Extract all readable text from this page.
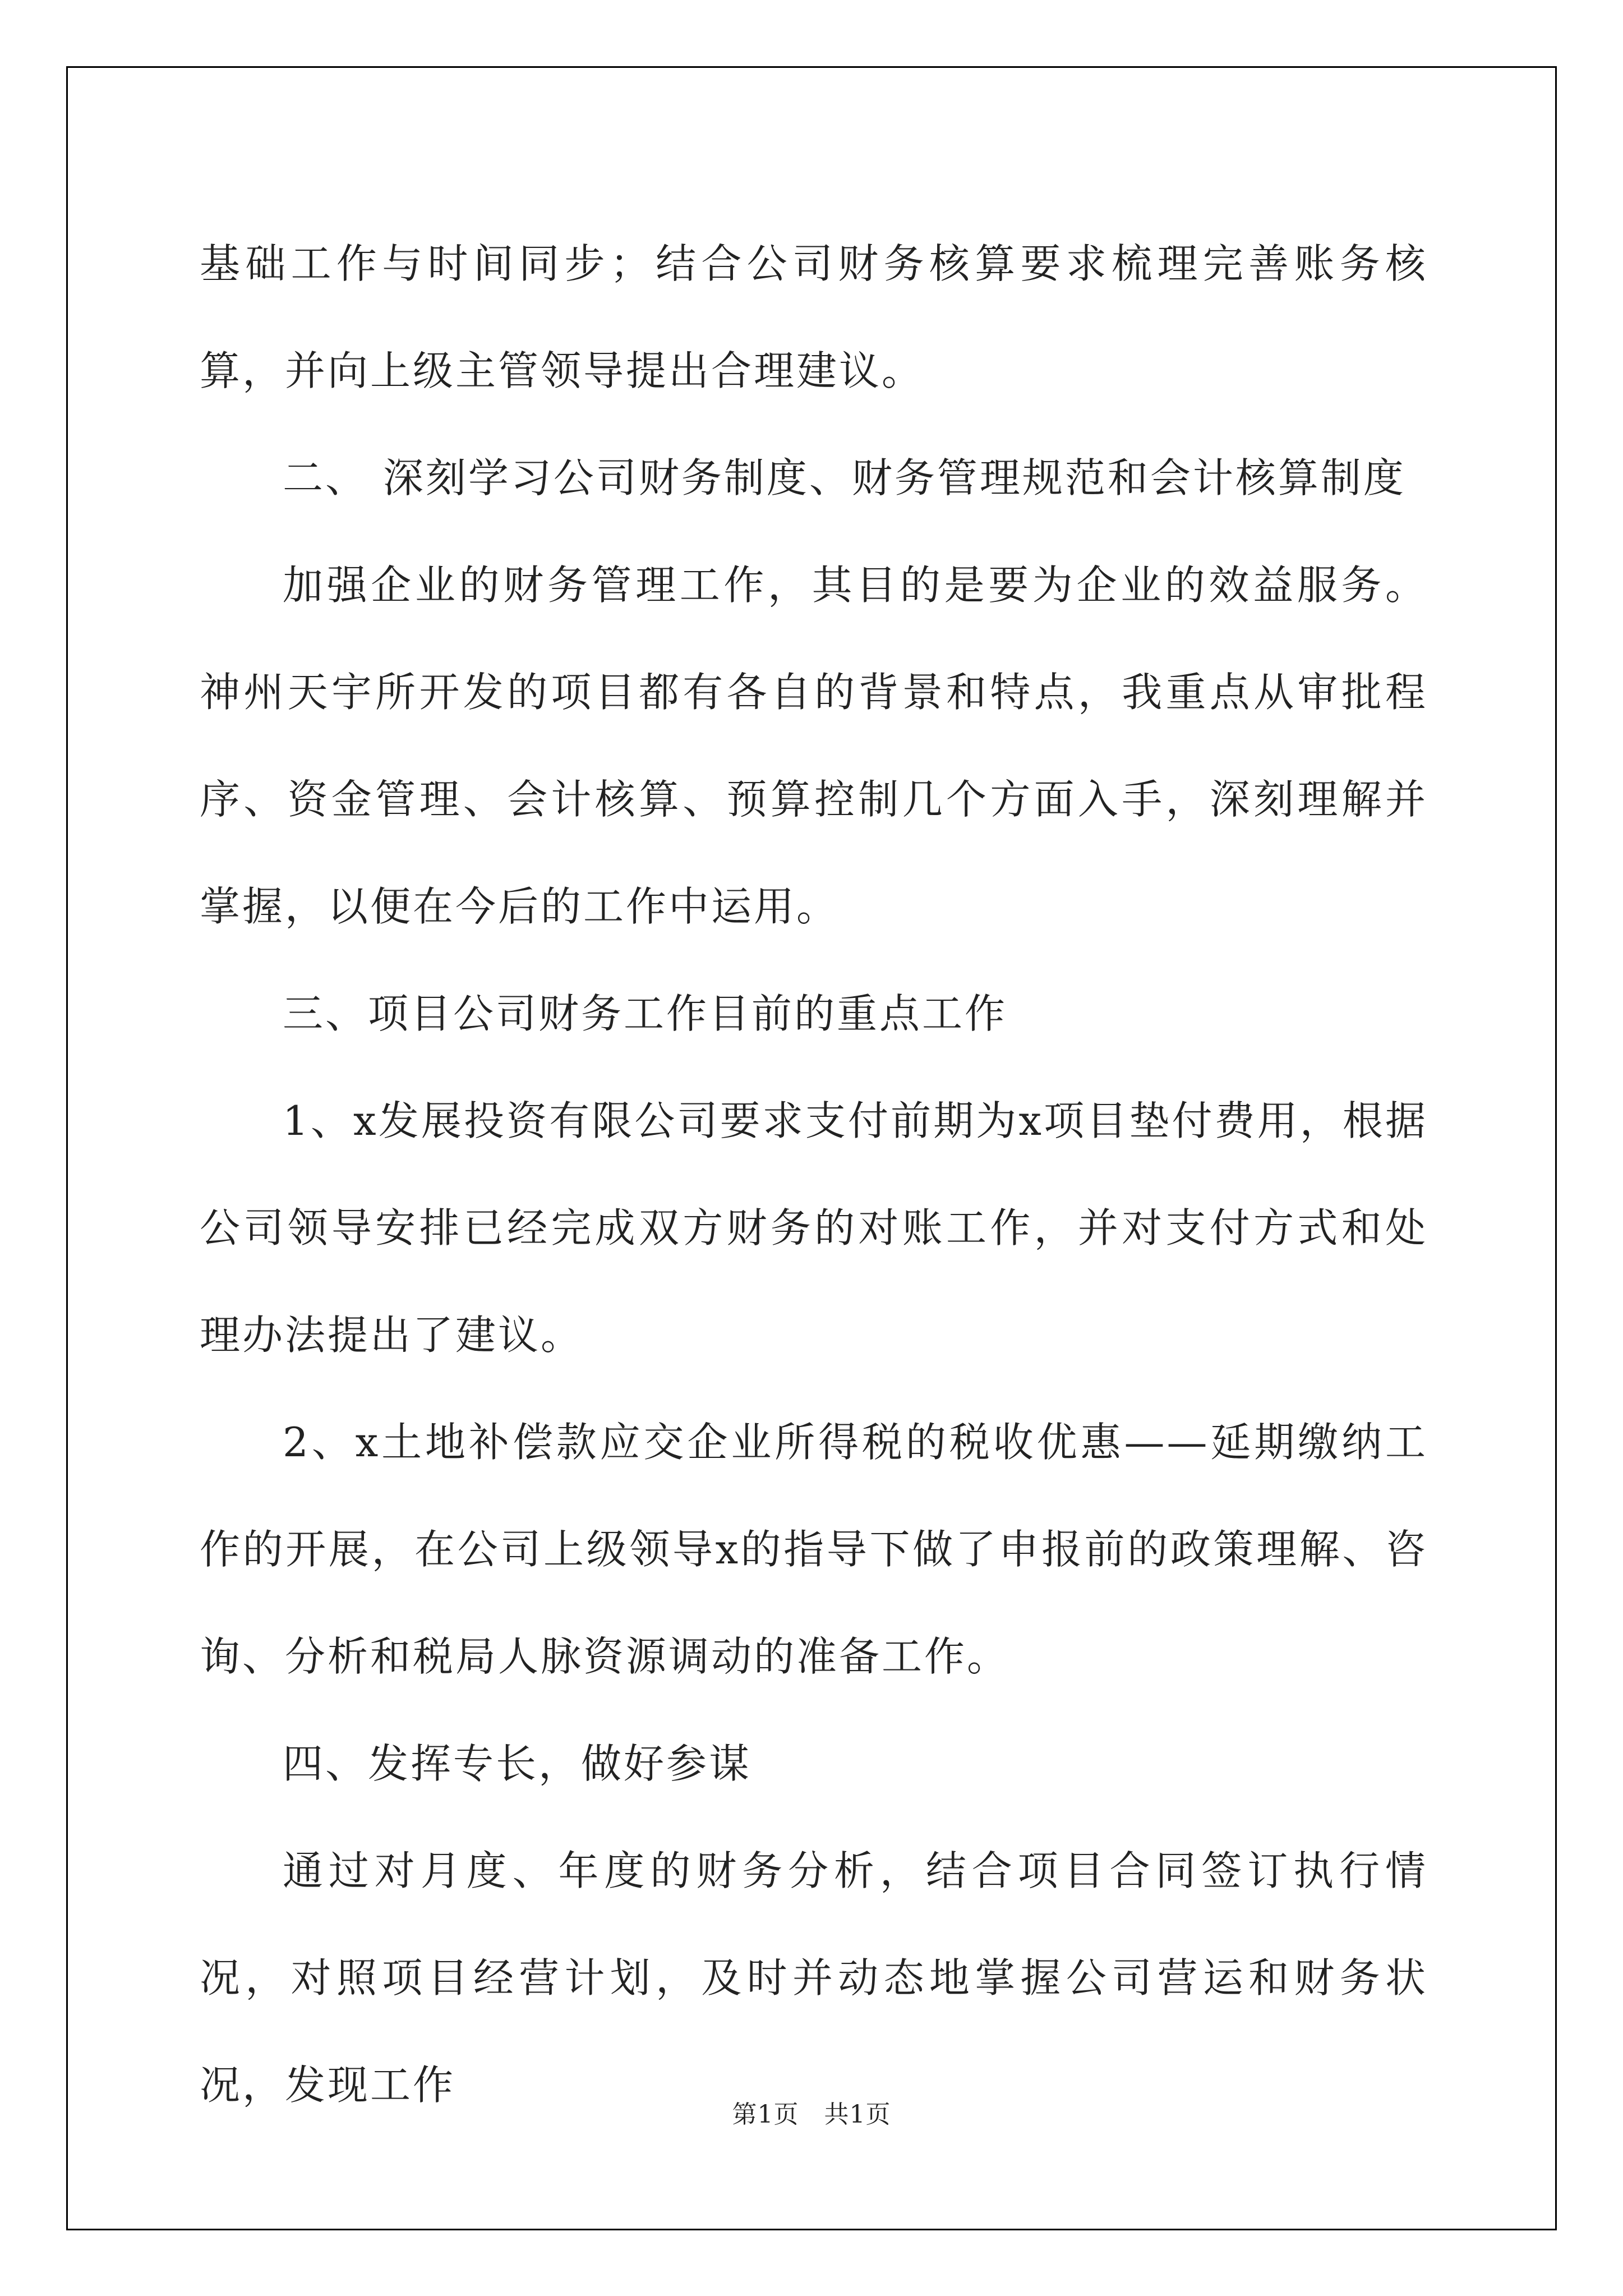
基础工作与时间同步；结合公司财务核算要求梳理完善账务核算，并向上级主管领导提出合理建议。

二、 深刻学习公司财务制度、财务管理规范和会计核算制度

加强企业的财务管理工作，其目的是要为企业的效益服务。神州天宇所开发的项目都有各自的背景和特点，我重点从审批程序、资金管理、会计核算、预算控制几个方面入手，深刻理解并掌握，以便在今后的工作中运用。

三、项目公司财务工作目前的重点工作

1、x发展投资有限公司要求支付前期为x项目垫付费用，根据公司领导安排已经完成双方财务的对账工作，并对支付方式和处理办法提出了建议。

2、x土地补偿款应交企业所得税的税收优惠——延期缴纳工作的开展，在公司上级领导x的指导下做了申报前的政策理解、咨询、分析和税局人脉资源调动的准备工作。

四、发挥专长，做好参谋

通过对月度、年度的财务分析，结合项目合同签订执行情况，对照项目经营计划，及时并动态地掌握公司营运和财务状况，发现工作

第1页　共1页
